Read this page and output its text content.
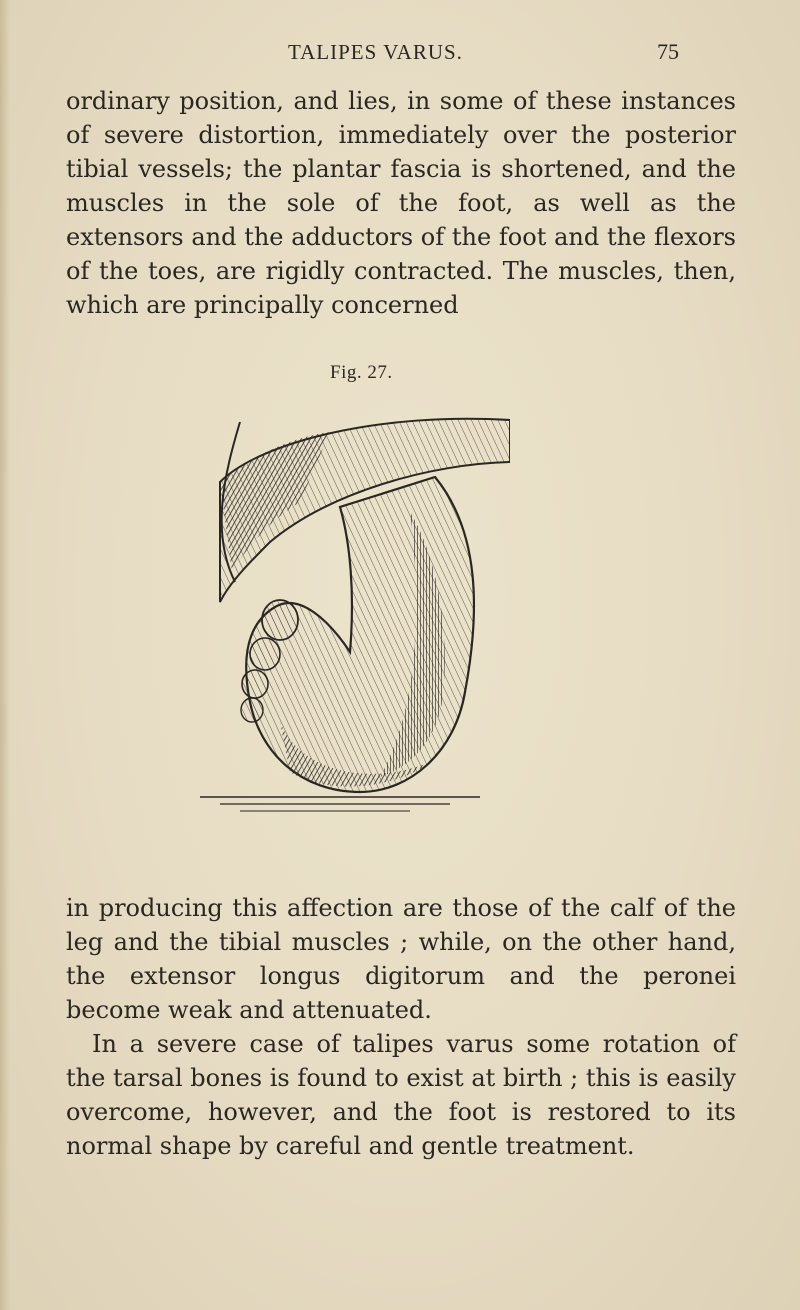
TALIPES VARUS.	75

ordinary position, and lies, in some of these instances of severe distortion, immediately over the posterior tibial vessels; the plantar fascia is shortened, and the muscles in the sole of the foot, as well as the extensors and the adductors of the foot and the flexors of the toes, are rigidly contracted. The muscles, then, which are principally concerned

Fig. 27.

in producing this affection are those of the calf of the leg and the tibial muscles ; while, on the other hand, the extensor longus digitorum and the peronei become weak and attenuated.

In a severe case of talipes varus some rotation of the tarsal bones is found to exist at birth ; this is easily overcome, however, and the foot is restored to its normal shape by careful and gentle treatment.
